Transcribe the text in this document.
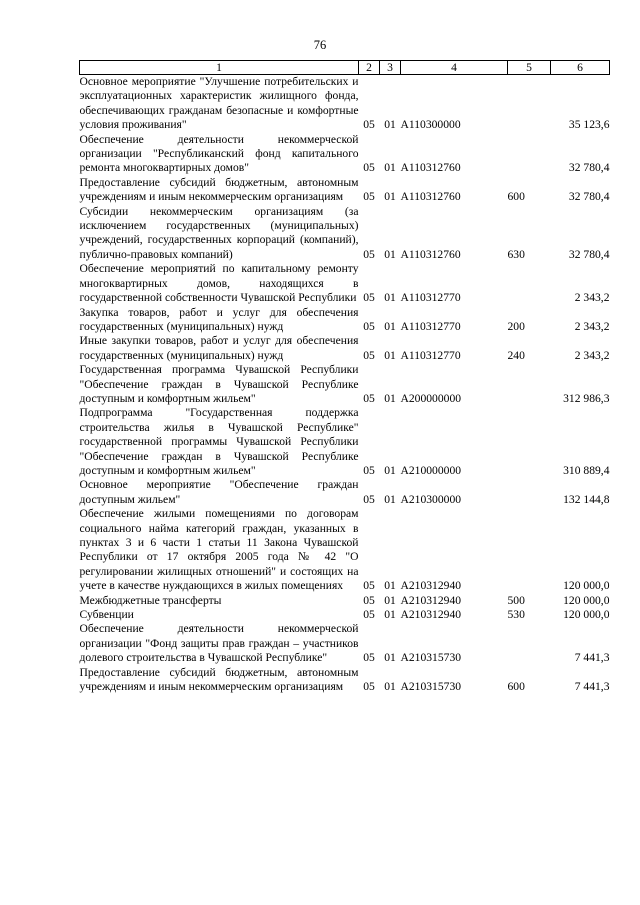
76
1	2	3	4	5	6
Основное мероприятие "Улучшение потребительских и эксплуатационных характеристик жилищного фонда, обеспечивающих гражданам безопасные и комфортные условия проживания"	05	01	A110300000		35 123,6
Обеспечение деятельности некоммерческой организации "Республиканский фонд капитального ремонта многоквартирных домов"	05	01	A110312760		32 780,4
Предоставление субсидий бюджетным, автономным учреждениям и иным некоммерческим организациям	05	01	A110312760	600	32 780,4
Субсидии некоммерческим организациям (за исключением государственных (муниципальных) учреждений, государственных корпораций (компаний), публично-правовых компаний)	05	01	A110312760	630	32 780,4
Обеспечение мероприятий по капитальному ремонту многоквартирных домов, находящихся в государственной собственности Чувашской Республики	05	01	A110312770		2 343,2
Закупка товаров, работ и услуг для обеспечения государственных (муниципальных) нужд	05	01	A110312770	200	2 343,2
Иные закупки товаров, работ и услуг для обеспечения государственных (муниципальных) нужд	05	01	A110312770	240	2 343,2
Государственная программа Чувашской Республики "Обеспечение граждан в Чувашской Республике доступным и комфортным жильем"	05	01	A200000000		312 986,3
Подпрограмма "Государственная поддержка строительства жилья в Чувашской Республике" государственной программы Чувашской Республики "Обеспечение граждан в Чувашской Республике доступным и комфортным жильем"	05	01	A210000000		310 889,4
Основное мероприятие "Обеспечение граждан доступным жильем"	05	01	A210300000		132 144,8
Обеспечение жилыми помещениями по договорам социального найма категорий граждан, указанных в пунктах 3 и 6 части 1 статьи 11 Закона Чувашской Республики от 17 октября 2005 года № 42 "О регулировании жилищных отношений" и состоящих на учете в качестве нуждающихся в жилых помещениях	05	01	A210312940		120 000,0
Межбюджетные трансферты	05	01	A210312940	500	120 000,0
Субвенции	05	01	A210312940	530	120 000,0
Обеспечение деятельности некоммерческой организации "Фонд защиты прав граждан – участников долевого строительства в Чувашской Республике"	05	01	A210315730		7 441,3
Предоставление субсидий бюджетным, автономным учреждениям и иным некоммерческим организациям	05	01	A210315730	600	7 441,3
